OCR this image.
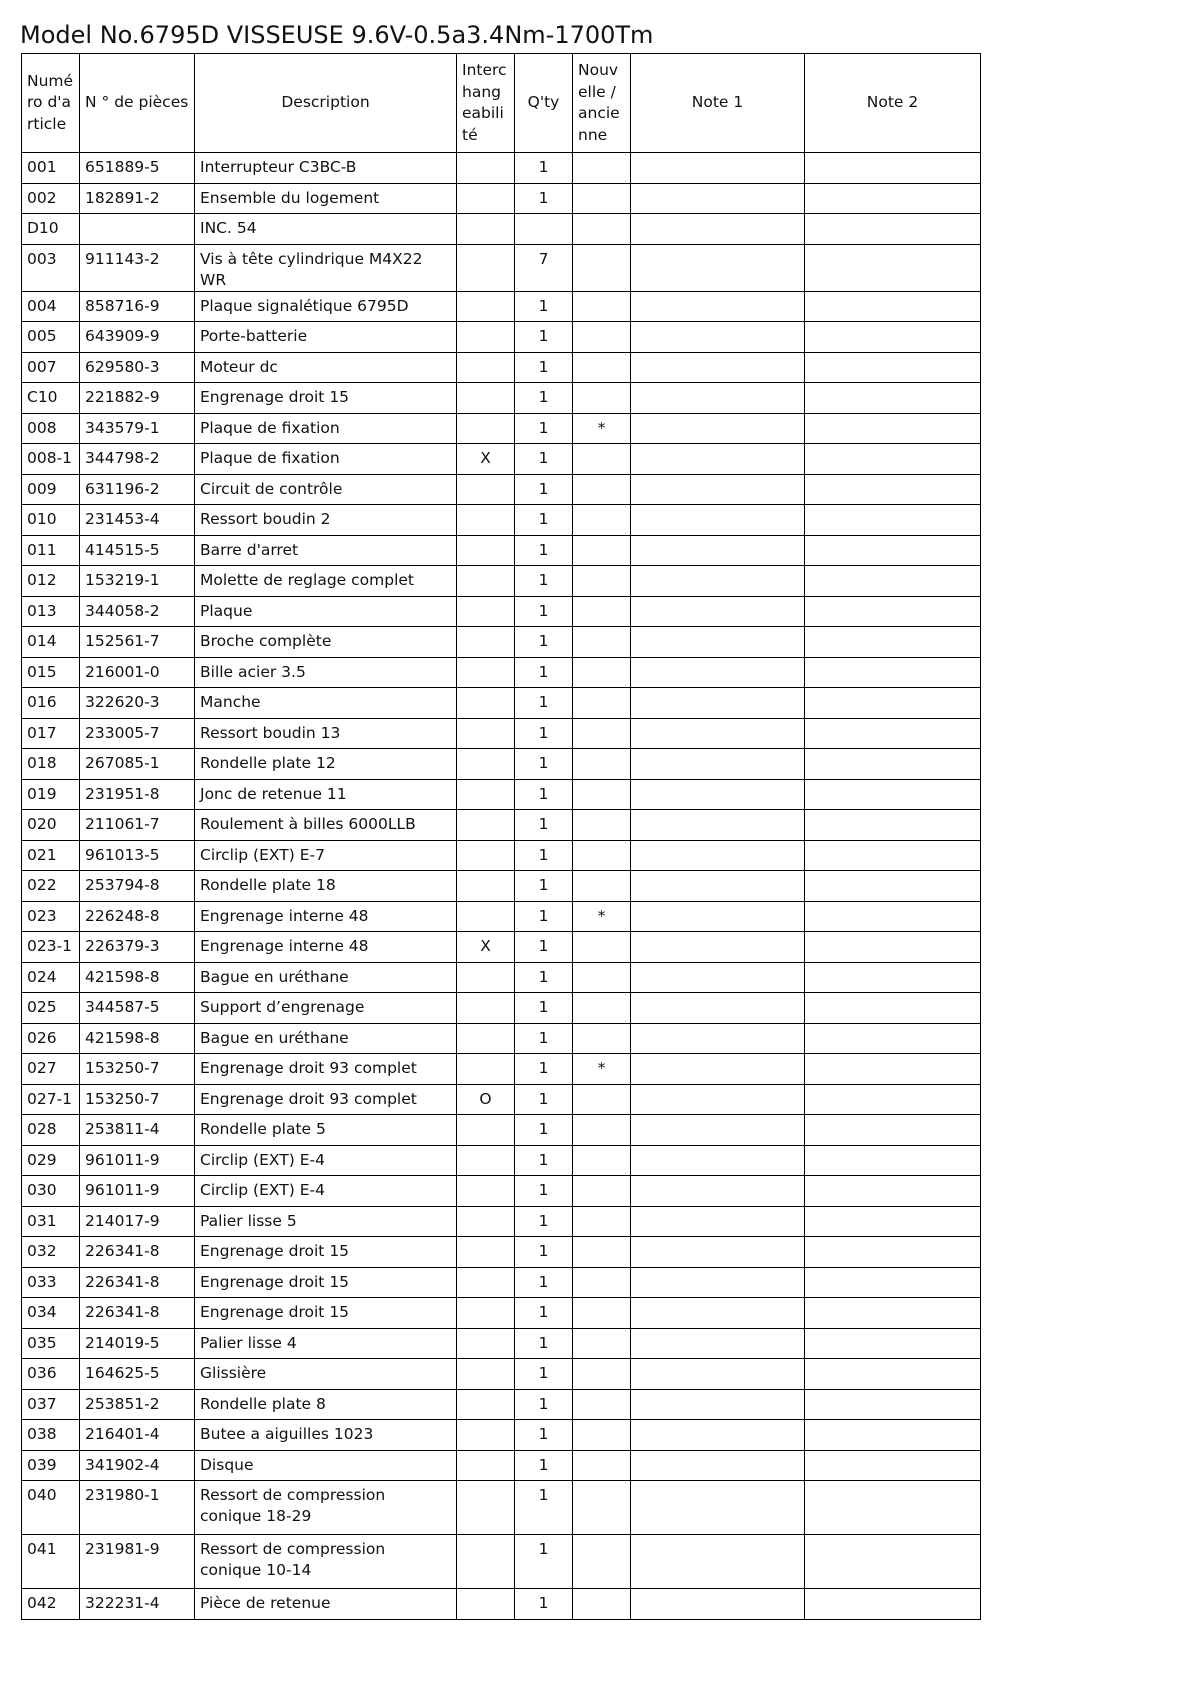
Model No.6795D VISSEUSE 9.6V-0.5a3.4Nm-1700Tm
Numéro d'article	N ° de pièces	Description	Interchangeabilité	Q'ty	Nouvelle / ancienne	Note 1	Note 2
001	651889-5	Interrupteur C3BC-B		1			
002	182891-2	Ensemble du logement		1			
D10		INC. 54					
003	911143-2	Vis à tête cylindrique M4X22 WR		7			
004	858716-9	Plaque signalétique 6795D		1			
005	643909-9	Porte-batterie		1			
007	629580-3	Moteur dc		1			
C10	221882-9	Engrenage droit 15		1			
008	343579-1	Plaque de fixation		1	*		
008-1	344798-2	Plaque de fixation	X	1			
009	631196-2	Circuit de contrôle		1			
010	231453-4	Ressort boudin 2		1			
011	414515-5	Barre d'arret		1			
012	153219-1	Molette de reglage complet		1			
013	344058-2	Plaque		1			
014	152561-7	Broche complète		1			
015	216001-0	Bille acier 3.5		1			
016	322620-3	Manche		1			
017	233005-7	Ressort boudin 13		1			
018	267085-1	Rondelle plate 12		1			
019	231951-8	Jonc de retenue 11		1			
020	211061-7	Roulement à billes 6000LLB		1			
021	961013-5	Circlip (EXT) E-7		1			
022	253794-8	Rondelle plate 18		1			
023	226248-8	Engrenage interne 48		1	*		
023-1	226379-3	Engrenage interne 48	X	1			
024	421598-8	Bague en uréthane		1			
025	344587-5	Support d’engrenage		1			
026	421598-8	Bague en uréthane		1			
027	153250-7	Engrenage droit 93 complet		1	*		
027-1	153250-7	Engrenage droit 93 complet	O	1			
028	253811-4	Rondelle plate 5		1			
029	961011-9	Circlip (EXT) E-4		1			
030	961011-9	Circlip (EXT) E-4		1			
031	214017-9	Palier lisse 5		1			
032	226341-8	Engrenage droit 15		1			
033	226341-8	Engrenage droit 15		1			
034	226341-8	Engrenage droit 15		1			
035	214019-5	Palier lisse 4		1			
036	164625-5	Glissière		1			
037	253851-2	Rondelle plate 8		1			
038	216401-4	Butee a aiguilles 1023		1			
039	341902-4	Disque		1			
040	231980-1	Ressort de compression conique 18-29		1			
041	231981-9	Ressort de compression conique 10-14		1			
042	322231-4	Pièce de retenue		1			
